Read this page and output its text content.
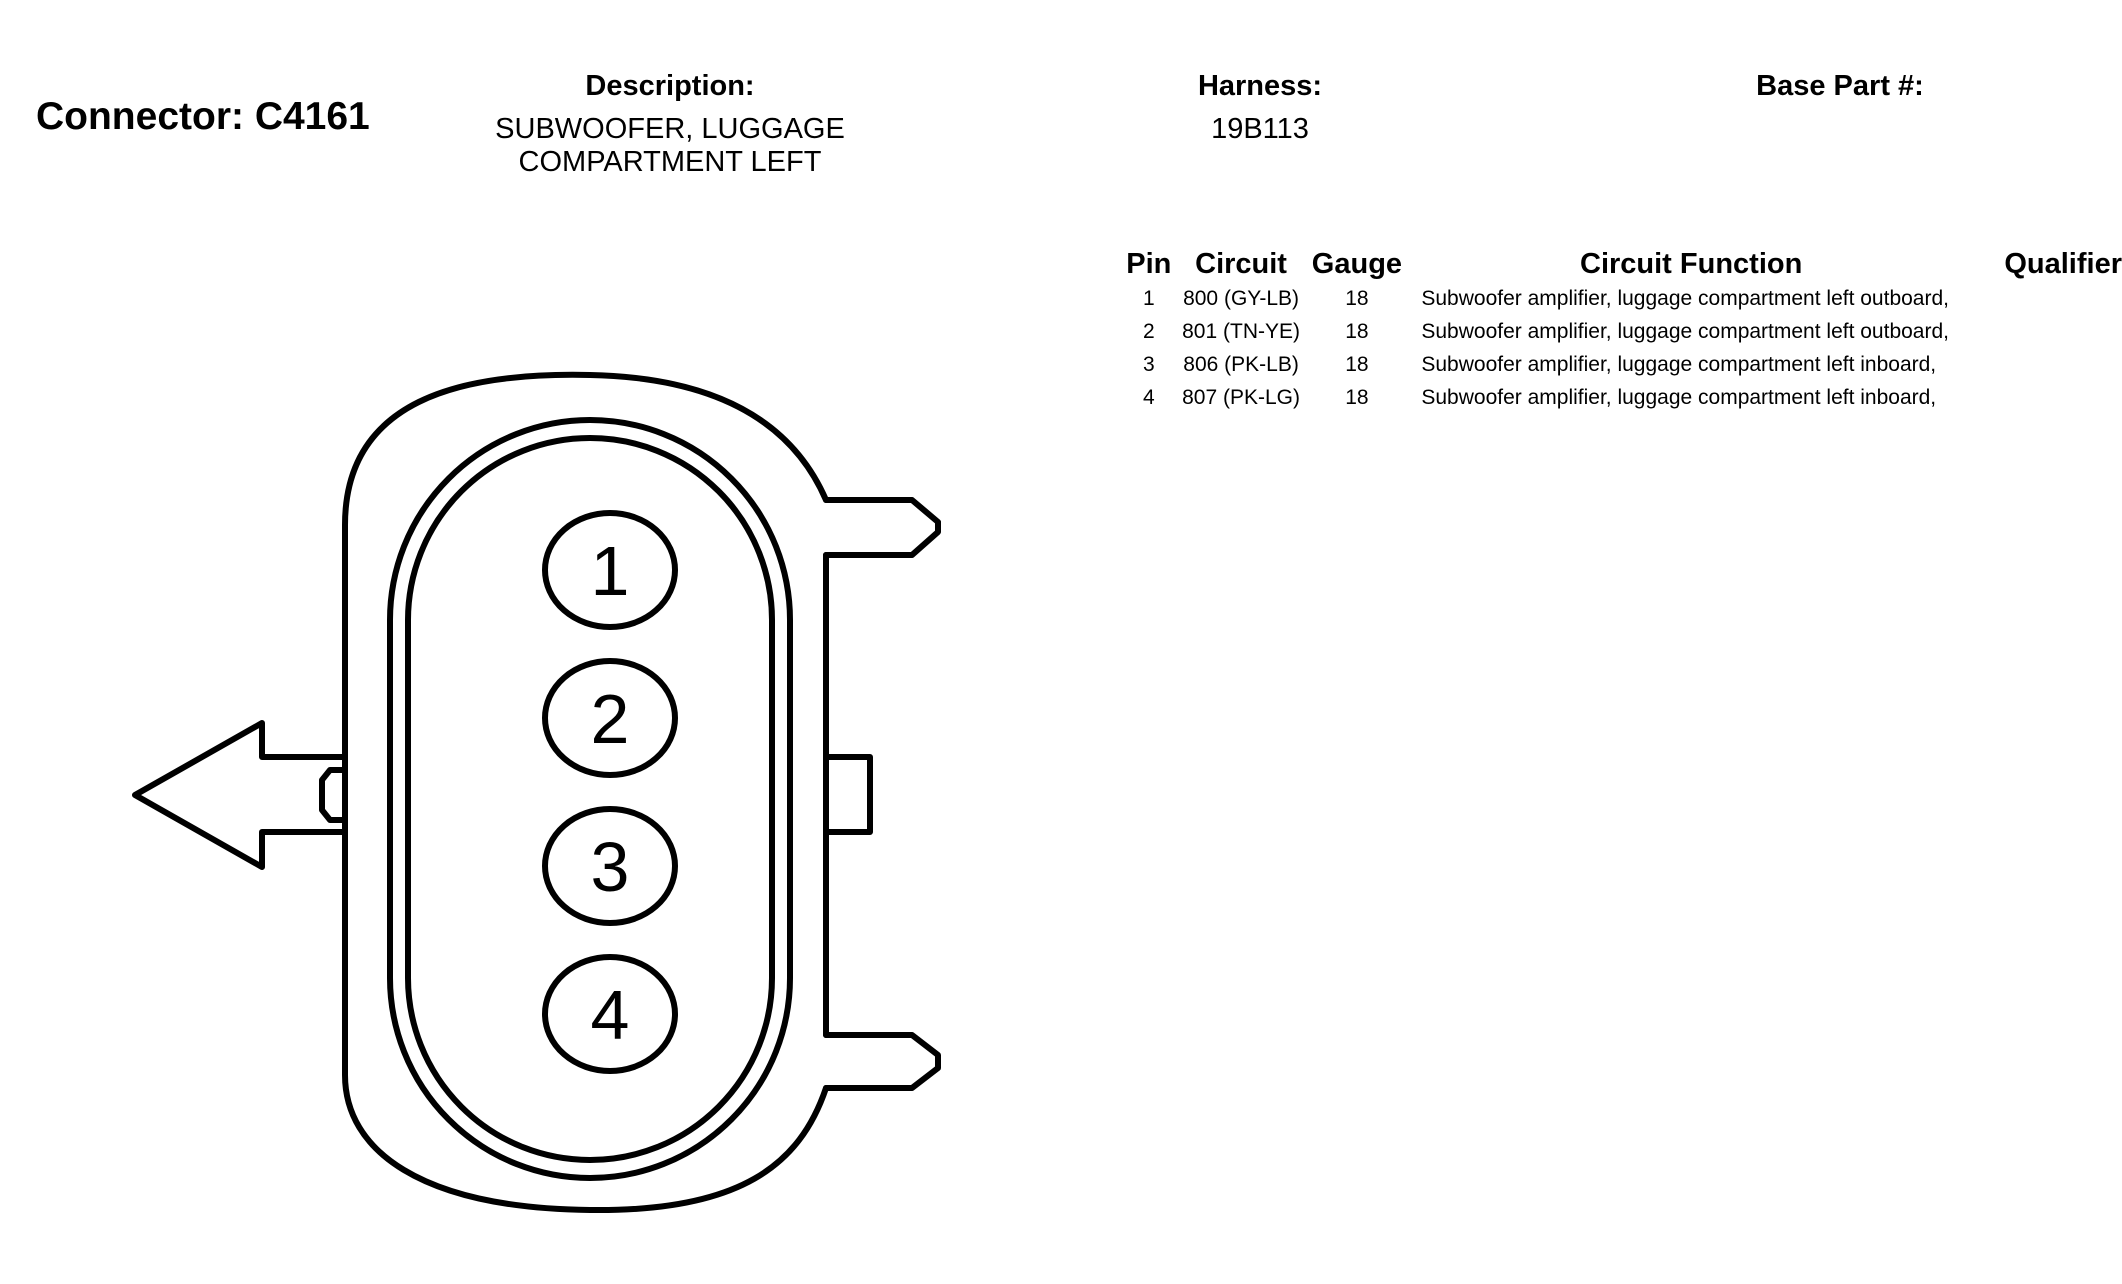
Connector: C4161
Description:
SUBWOOFER, LUGGAGE
COMPARTMENT LEFT
Harness:
19B113
Base Part #:
Pin	Circuit	Gauge	Circuit Function	Qualifier
1	800 (GY-LB)	18	Subwoofer amplifier, luggage compartment left outboard,	
2	801 (TN-YE)	18	Subwoofer amplifier, luggage compartment left outboard,	
3	806 (PK-LB)	18	Subwoofer amplifier, luggage compartment left inboard,	
4	807 (PK-LG)	18	Subwoofer amplifier, luggage compartment left inboard,	
1
2
3
4
